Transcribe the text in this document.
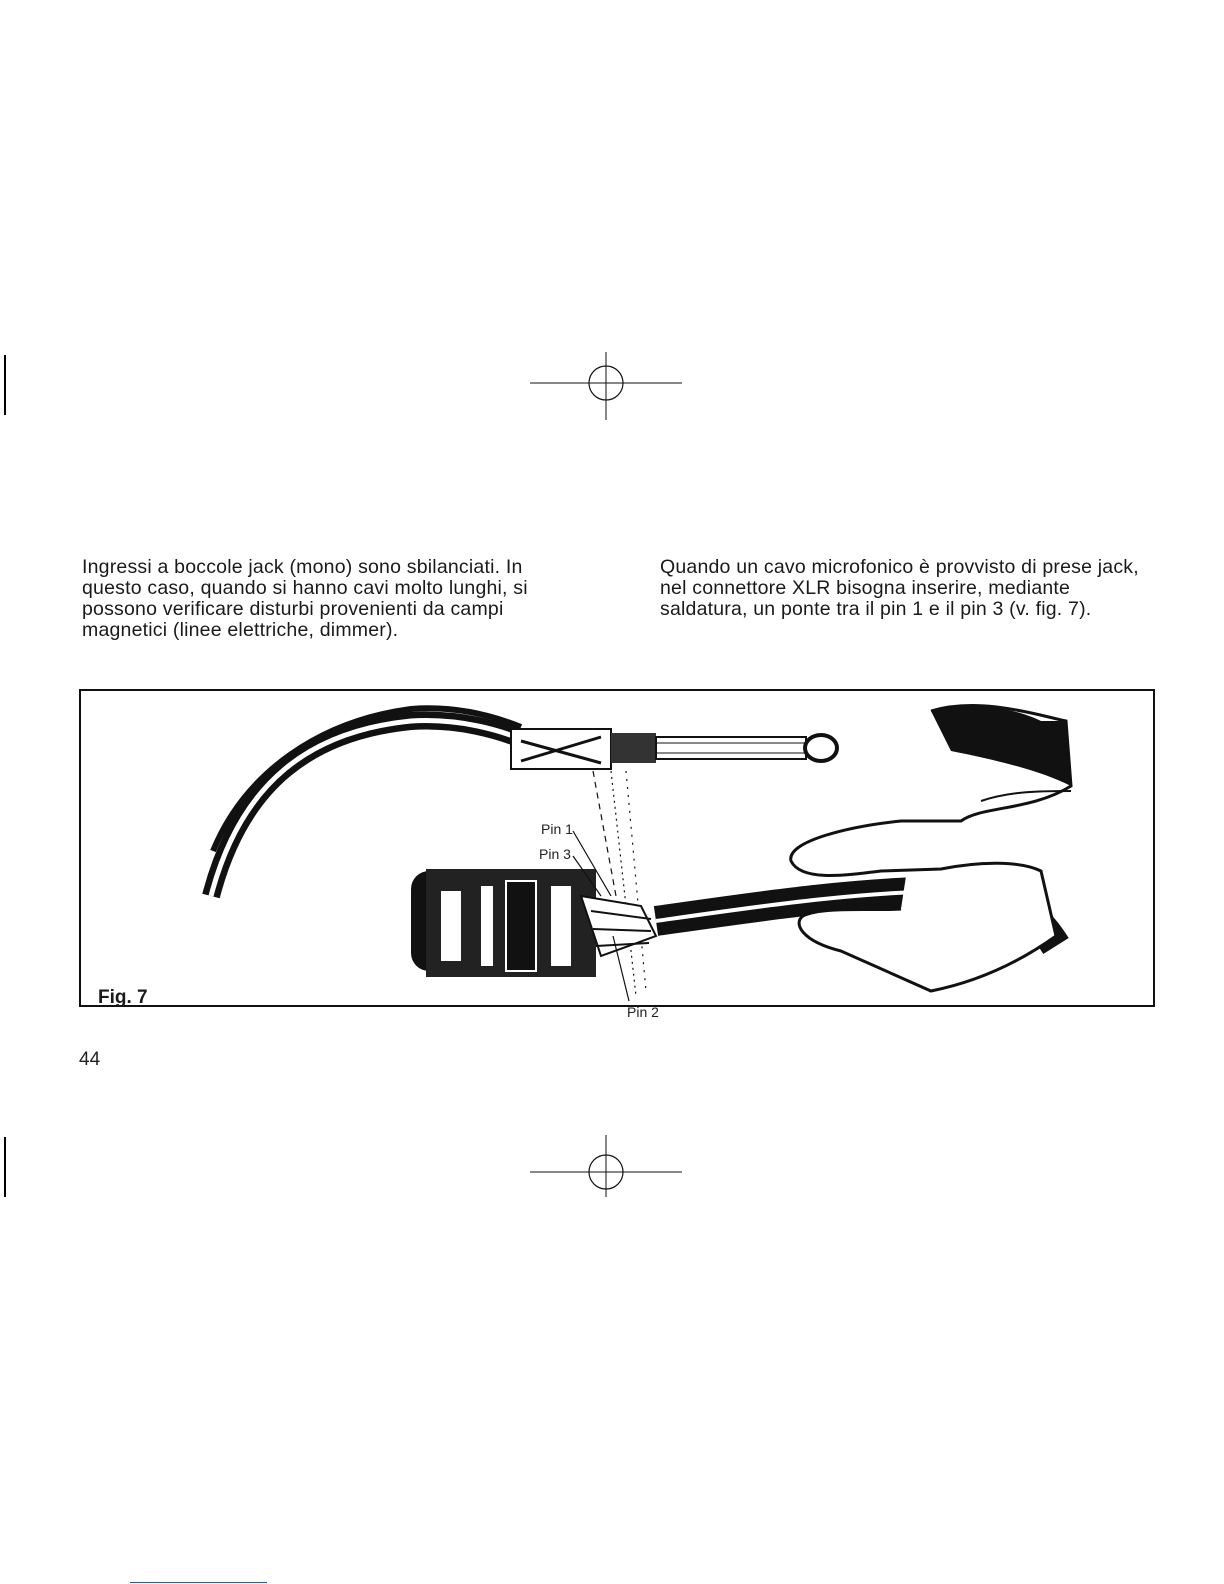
Ingressi a boccole jack (mono) sono sbilanciati. In questo caso, quando si hanno cavi molto lunghi, si possono verificare disturbi provenienti da campi magnetici (linee elettriche, dimmer).

Quando un cavo microfonico è provvisto di prese jack, nel connettore XLR bisogna inserire, mediante saldatura, un ponte tra il pin 1 e il pin 3 (v. fig. 7).

Pin 1
Pin 3
Pin 2
Fig. 7
44
